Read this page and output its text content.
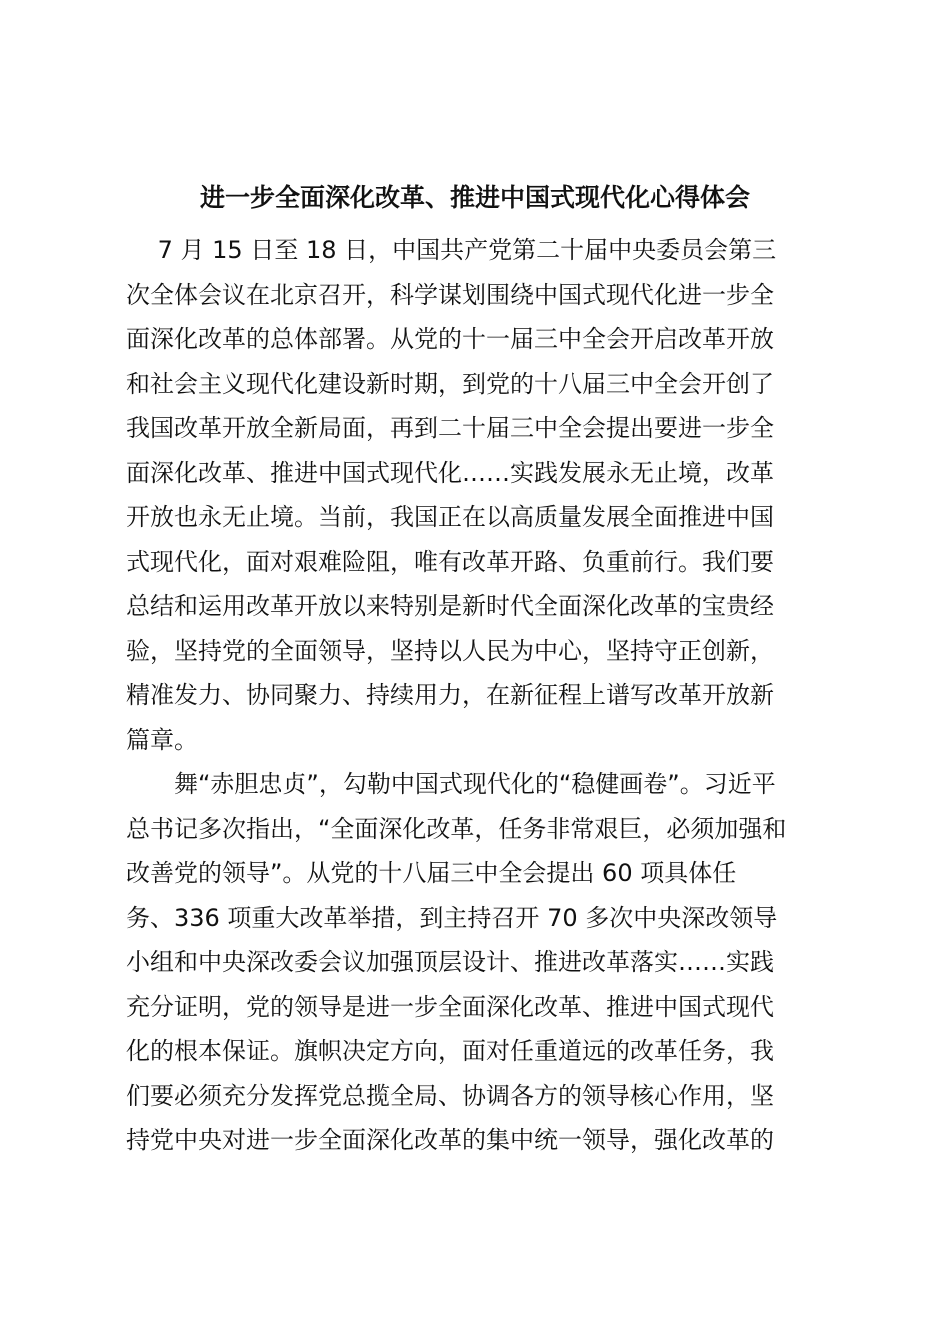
进一步全面深化改革、推进中国式现代化心得体会
　 7 月 15 日至 18 日，中国共产党第二十届中央委员会第三
次全体会议在北京召开，科学谋划围绕中国式现代化进一步全
面深化改革的总体部署。从党的十一届三中全会开启改革开放
和社会主义现代化建设新时期，到党的十八届三中全会开创了
我国改革开放全新局面，再到二十届三中全会提出要进一步全
面深化改革、推进中国式现代化……实践发展永无止境，改革
开放也永无止境。当前，我国正在以高质量发展全面推进中国
式现代化，面对艰难险阻，唯有改革开路、负重前行。我们要
总结和运用改革开放以来特别是新时代全面深化改革的宝贵经
验，坚持党的全面领导，坚持以人民为中心，坚持守正创新，
精准发力、协同聚力、持续用力，在新征程上谱写改革开放新
篇章。
　　舞“赤胆忠贞”，勾勒中国式现代化的“稳健画卷”。习近平
总书记多次指出，“全面深化改革，任务非常艰巨，必须加强和
改善党的领导”。从党的十八届三中全会提出 60 项具体任
务、336 项重大改革举措，到主持召开 70 多次中央深改领导
小组和中央深改委会议加强顶层设计、推进改革落实……实践
充分证明，党的领导是进一步全面深化改革、推进中国式现代
化的根本保证。旗帜决定方向，面对任重道远的改革任务，我
们要必须充分发挥党总揽全局、协调各方的领导核心作用，坚
持党中央对进一步全面深化改革的集中统一领导，强化改革的
